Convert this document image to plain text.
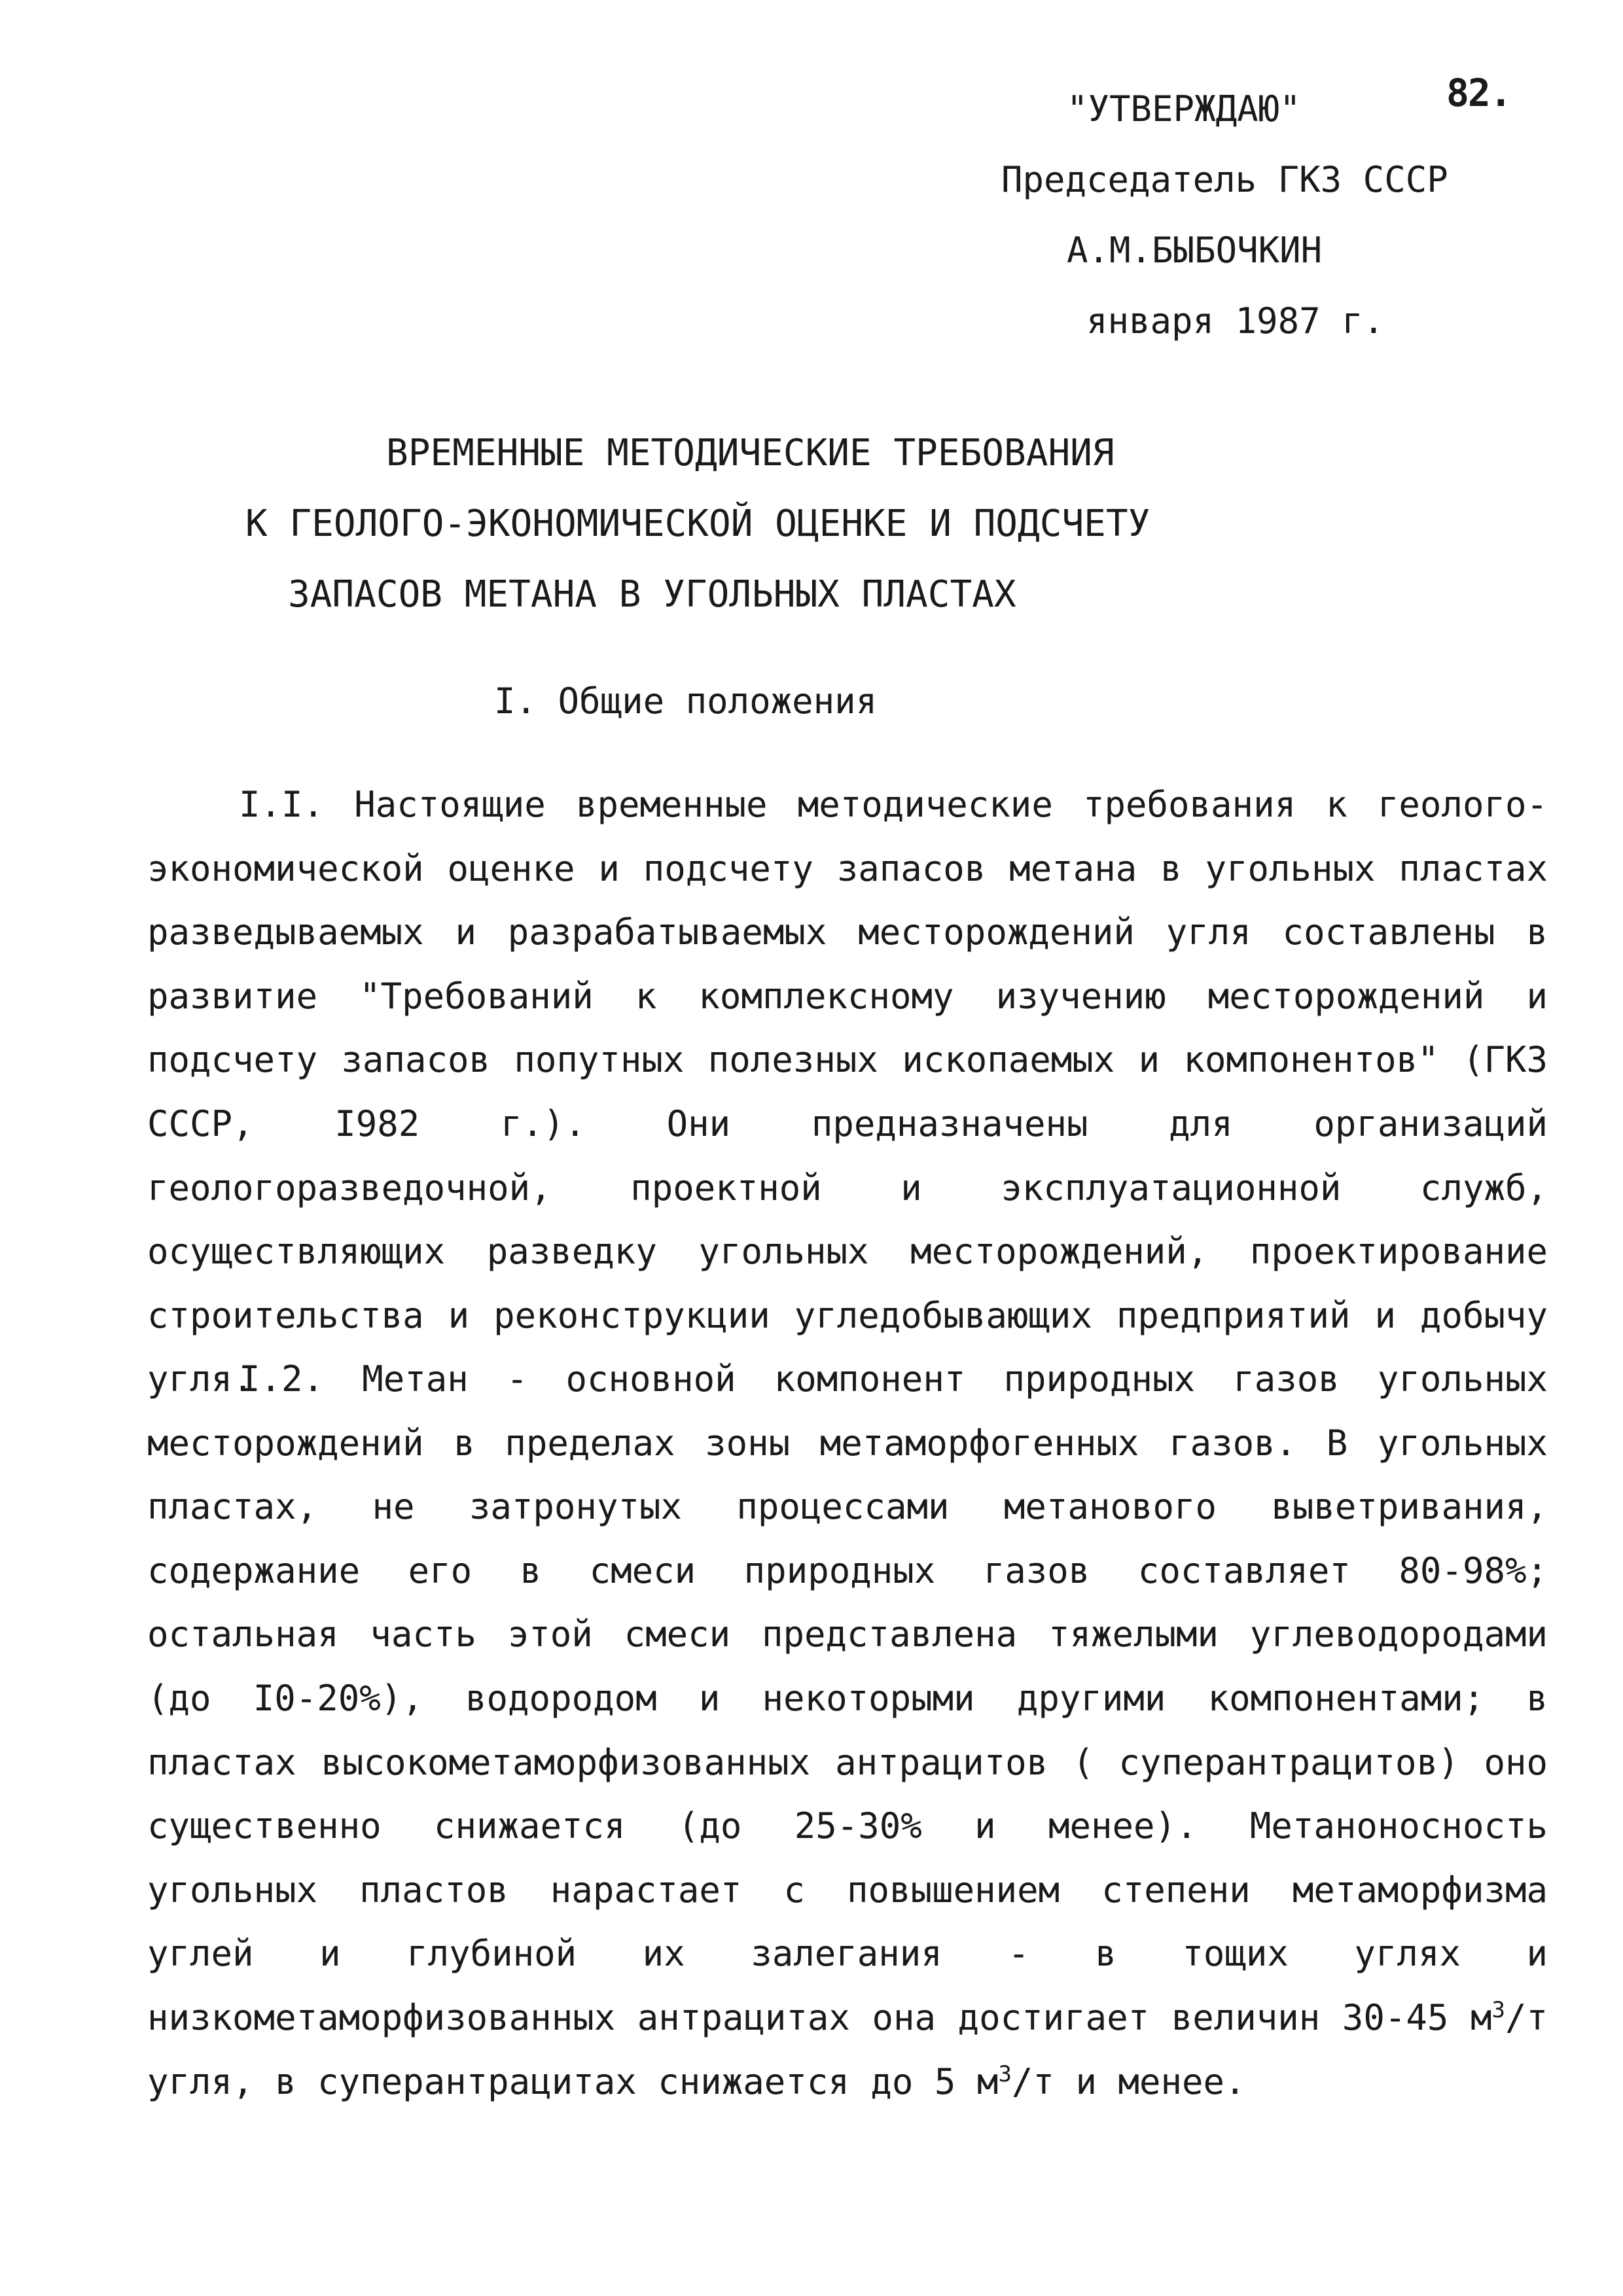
82.
"УТВЕРЖДАЮ"
Председатель ГКЗ СССР
А.М.БЫБОЧКИН
января 1987 г.
ВРЕМЕННЫЕ МЕТОДИЧЕСКИЕ ТРЕБОВАНИЯ
К ГЕОЛОГО-ЭКОНОМИЧЕСКОЙ ОЦЕНКЕ И ПОДСЧЕТУ
ЗАПАСОВ МЕТАНА В УГОЛЬНЫХ ПЛАСТАХ
I. Общие положения

I.I. Настоящие временные методические требования к геолого-экономической оценке и подсчету запасов метана в угольных пластах разведываемых и разрабатываемых месторождений угля составлены в развитие "Требований к комплексному изучению месторождений и подсчету запасов попутных полезных ископаемых и компонентов" (ГКЗ СССР, I982 г.). Они предназначены для организаций геологоразведочной, проектной и эксплуатационной служб, осуществляющих разведку угольных месторождений, проектирование строительства и реконструкции угледобывающих предприятий и добычу угля.

I.2. Метан - основной компонент природных газов угольных месторождений в пределах зоны метаморфогенных газов. В угольных пластах, не затронутых процессами метанового выветривания, содержание его в смеси природных газов составляет 80-98%; остальная часть этой смеси представлена тяжелыми углеводородами (до I0-20%), водородом и некоторыми другими компонентами; в пластах высокометаморфизованных антрацитов ( суперантрацитов) оно существенно снижается (до 25-30% и менее). Метаноносность угольных пластов нарастает с повышением степени метаморфизма углей и глубиной их залегания - в тощих углях и низкометаморфизованных антрацитах она достигает величин 30-45 $м^3/т$ угля, в суперантрацитах снижается до 5 $м^3/т$ и менее.
